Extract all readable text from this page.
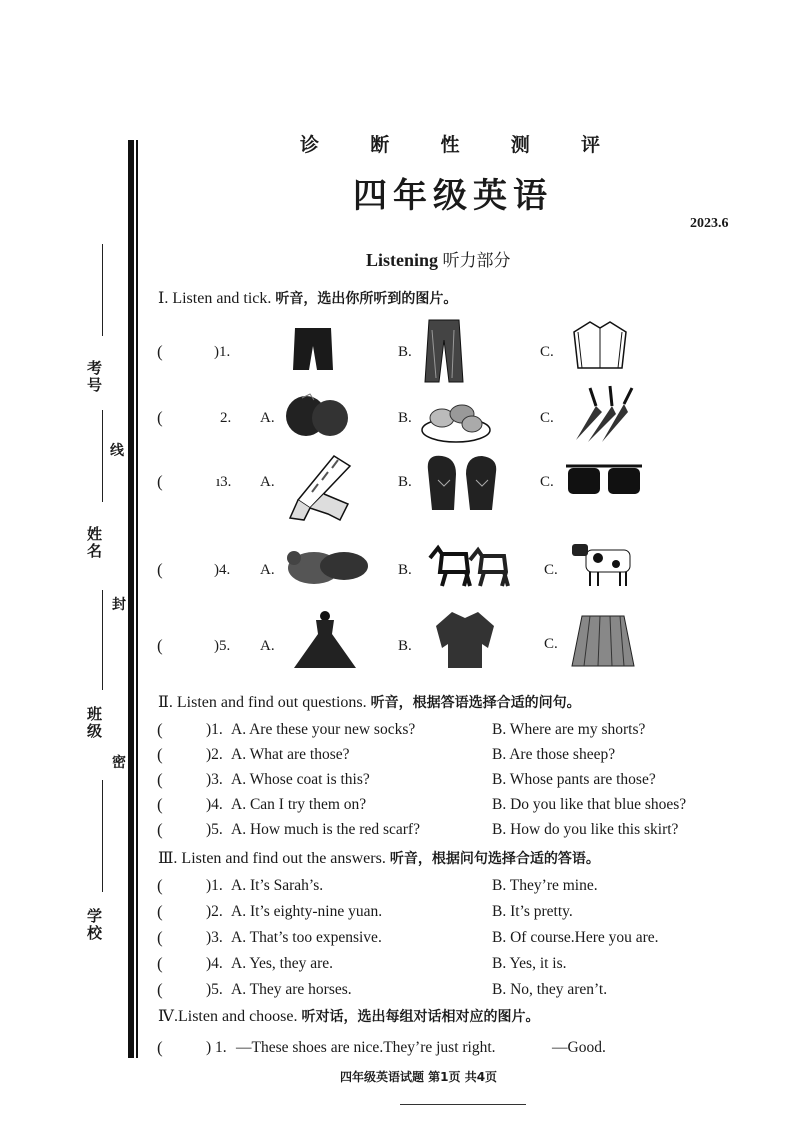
考号
线
姓名
封
班级
密
学校
诊	断	性	测	评
四年级英语
2023.6
Listening 听力部分
Ⅰ. Listen and tick. 听音，选出你所听到的图片。
(	)1.	B.	C.
(	2. A.	B.	C.
(	ı3. A.	B.	C.
(	)4. A.	B.	C.
(	)5. A.	B.	C.
Ⅱ. Listen and find out questions. 听音，根据答语选择合适的问句。
(	)1. A. Are these your new socks?	B. Where are my shorts?
(	)2. A. What are those?	B. Are those sheep?
(	)3. A. Whose coat is this?	B. Whose pants are those?
(	)4. A. Can I try them on?	B. Do you like that blue shoes?
(	)5. A. How much is the red scarf?	B. How do you like this skirt?
Ⅲ. Listen and find out the answers. 听音，根据问句选择合适的答语。
(	)1. A. It’s Sarah’s.	B. They’re mine.
(	)2. A. It’s eighty-nine yuan.	B. It’s pretty.
(	)3. A. That’s too expensive.	B. Of course.Here you are.
(	)4. A. Yes, they are.	B. Yes, it is.
(	)5. A. They are horses.	B. No, they aren’t.
Ⅳ.Listen and choose. 听对话，选出每组对话相对应的图片。
(	) 1. —These shoes are nice.They’re just right.	—Good.
四年级英语试题 第1页 共4页
